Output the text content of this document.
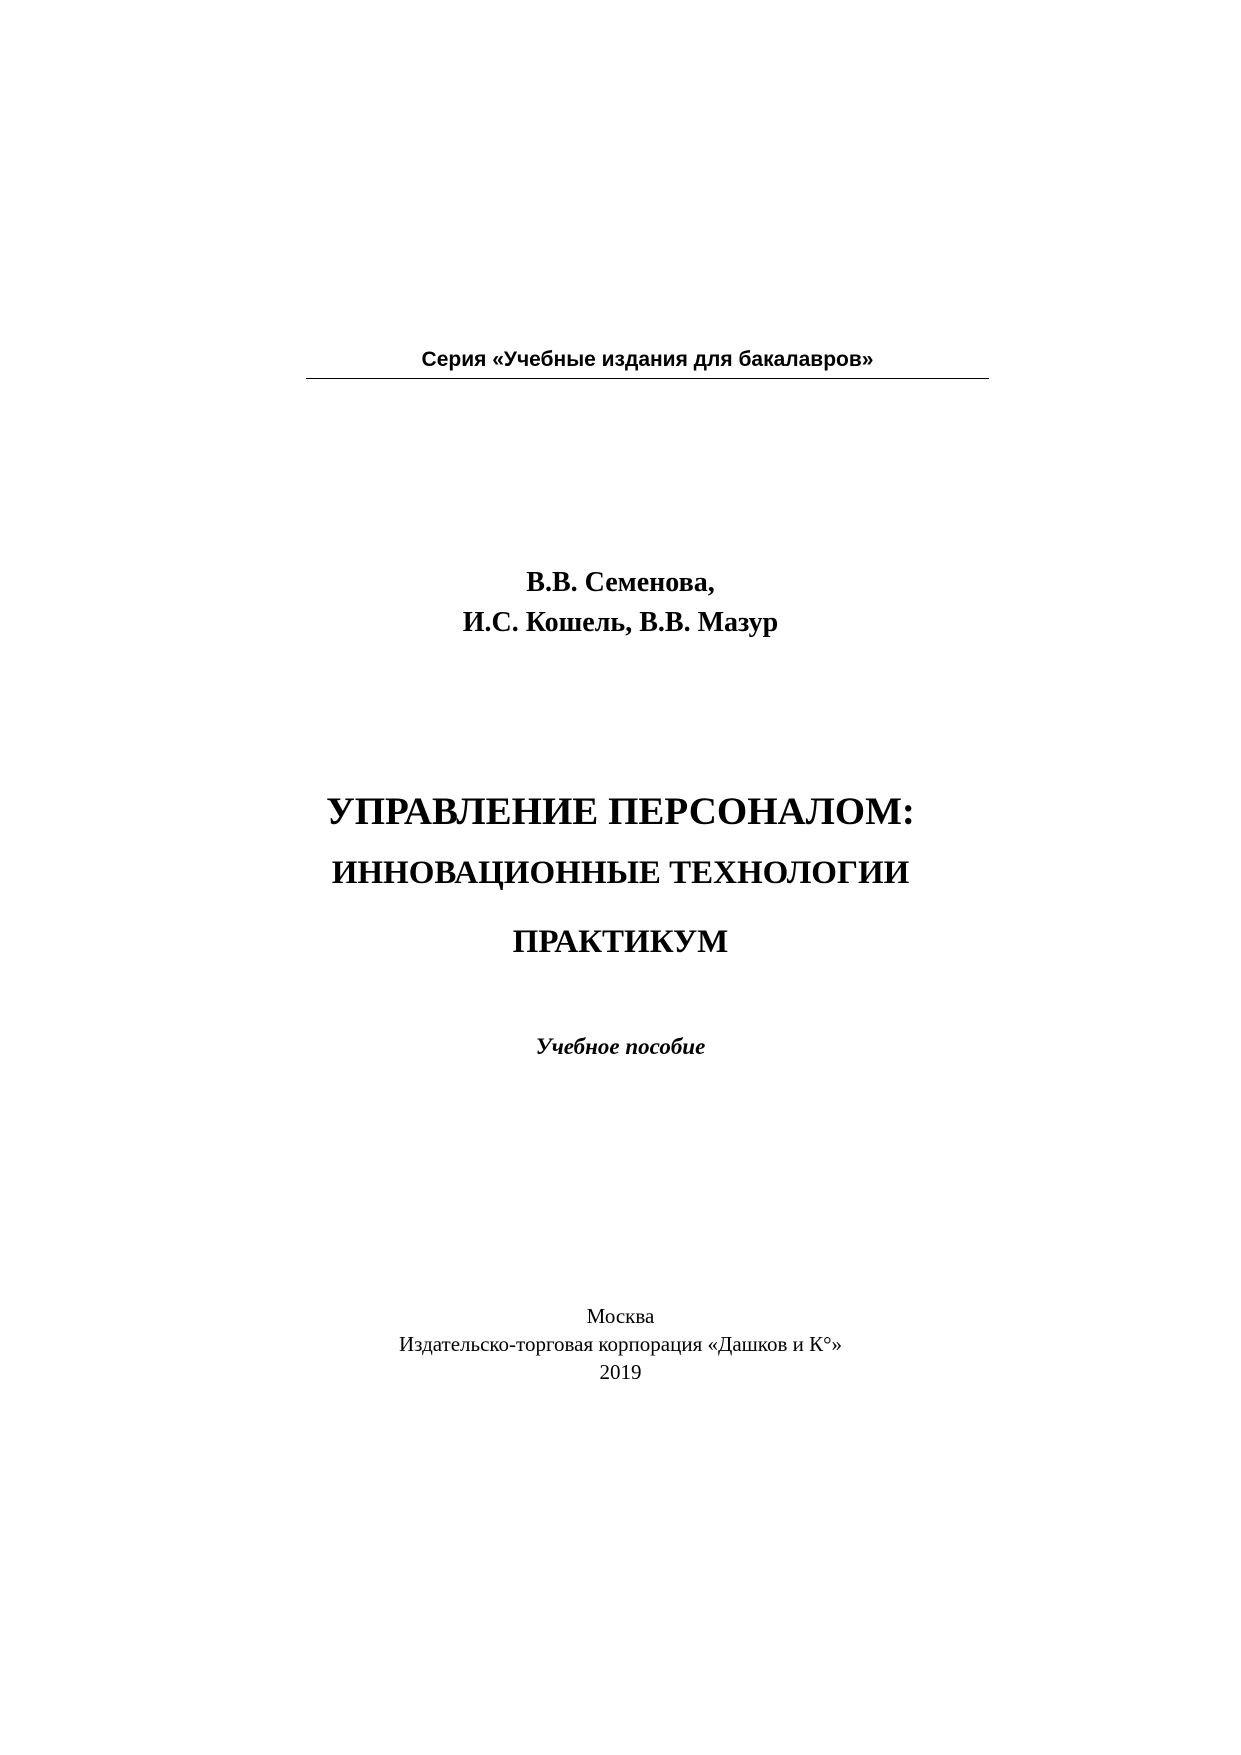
Серия «Учебные издания для бакалавров»
В.В. Семенова,
И.С. Кошель, В.В. Мазур
УПРАВЛЕНИЕ ПЕРСОНАЛОМ:
ИННОВАЦИОННЫЕ ТЕХНОЛОГИИ
ПРАКТИКУМ
Учебное пособие
Москва
Издательско-торговая корпорация «Дашков и К°»
2019
